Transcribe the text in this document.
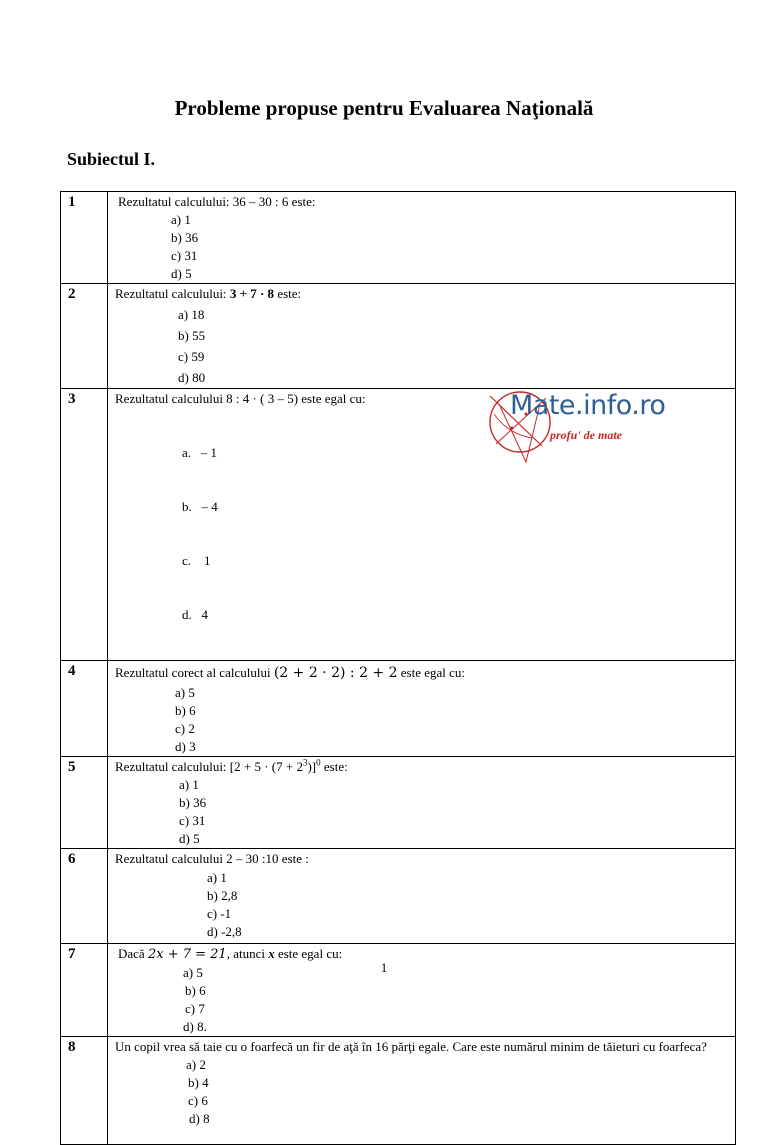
Probleme propuse pentru Evaluarea Naţională
Subiectul I.
1	Rezultatul calculului: 36 – 30 : 6 este:
a) 1
b) 36
c) 31
d) 5

2	Rezultatul calculului: 3 + 7 · 8 este:
a) 18
b) 55
c) 59
d) 80

3	Rezultatul calculului 8 : 4 · ( 3 – 5) este egal cu:

a.   – 1

b.   – 4

c.    1

d.   4

4	Rezultatul corect al calculului (2 + 2 · 2) : 2 + 2 este egal cu:
a) 5
b) 6
c) 2
d) 3

5	Rezultatul calculului: $[2 + 5 \cdot (7 + 2^3)]^0$ este:
a) 1
b) 36
c) 31
d) 5

6	Rezultatul calculului 2 – 30 :10 este :
a) 1
b) 2,8
c) -1
d) -2,8

7	Dacă 2x + 7 = 21, atunci x este egal cu:
a) 5
b) 6
c) 7
d) 8.

8	Un copil vrea să taie cu o foarfecă un fir de aţă în 16 părţi egale. Care este numărul minim de tăieturi cu foarfeca?
a) 2
b) 4
c) 6
d) 8
Mate.info.ro
profu' de mate
1
